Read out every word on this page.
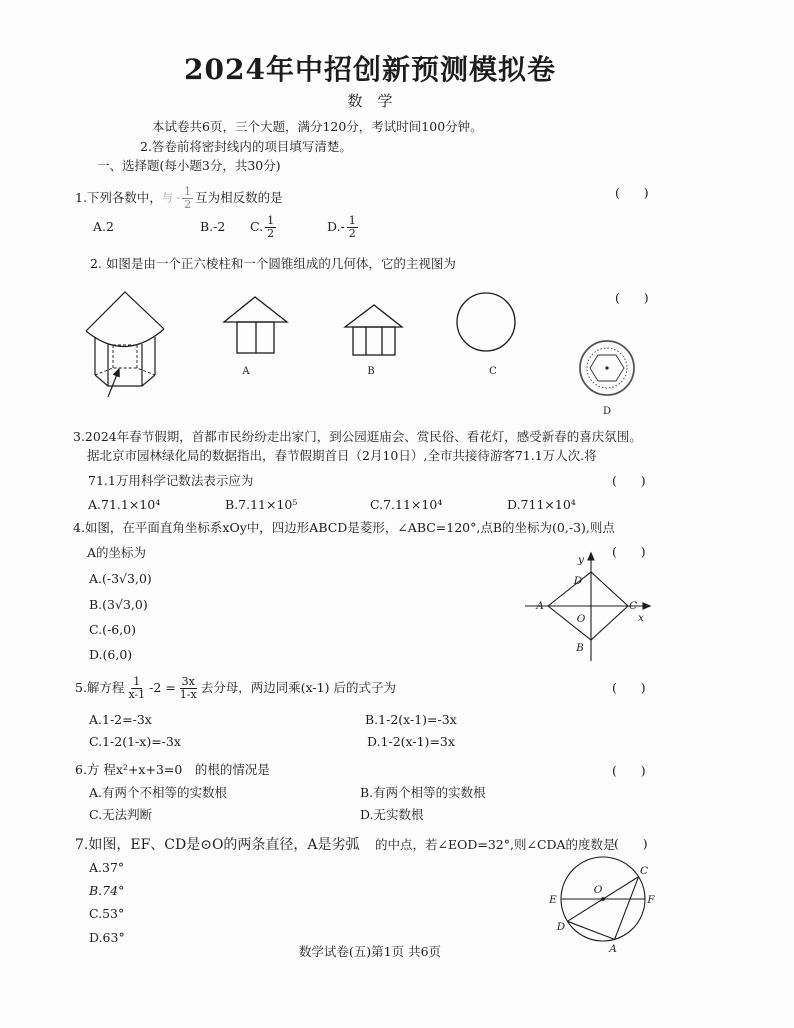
2024年中招创新预测模拟卷
数　学
本试卷共6页，三个大题，满分120分，考试时间100分钟。
2.答卷前将密封线内的项目填写清楚。
一、选择题(每小题3分，共30分)
1.下列各数中， 与 - $\frac{1}{2}$ 互为相反数的是	(      )
A.2	B.-2 C. $\frac{1}{2}$	$D.- \frac{1}{2}$
2. 如图是由一个正六棱柱和一个圆锥组成的几何体，它的主视图为
(      )
3.2024年春节假期，首都市民纷纷走出家门，到公园逛庙会、赏民俗、看花灯，感受新春的喜庆氛围。
据北京市园林绿化局的数据指出，春节假期首日（2月10日）,全市共接待游客71.1万人次.将
71.1万用科学记数法表示应为	(      )
A.71.1×10⁴	B.7.11×10⁵	C.7.11×10⁴	D.711×10⁴
4.如图，在平面直角坐标系xOy中，四边形ABCD是菱形，∠ABC=120°,点B的坐标为(0,-3),则点
A的坐标为	(      )
A.(-3√3,0)
B.(3√3,0)
C.(-6,0)
D.(6,0)
5.解方程 $\frac{1}{x-1} -2 = \frac{3x}{1-x}$ 去分母，两边同乘(x-1) 后的式子为	(      )
A.1-2=-3x	B.1-2(x-1)=-3x
C.1-2(1-x)=-3x	D.1-2(x-1)=3x
6.方 程x²+x+3=0　的根的情况是	(      )
A.有两个不相等的实数根	B.有两个相等的实数根
C.无法判断	D.无实数根
7.如图，EF、CD是⊙O的两条直径，A是劣弧 的中点，若∠EOD=32°,则∠CDA的度数是
(      )
A.37°
B.74°
C.53°
D.63°
数学试卷(五)第1页 共6页
A	B	C
D
y
x
A	C
D
O
B
E	F
C
D
A
O
